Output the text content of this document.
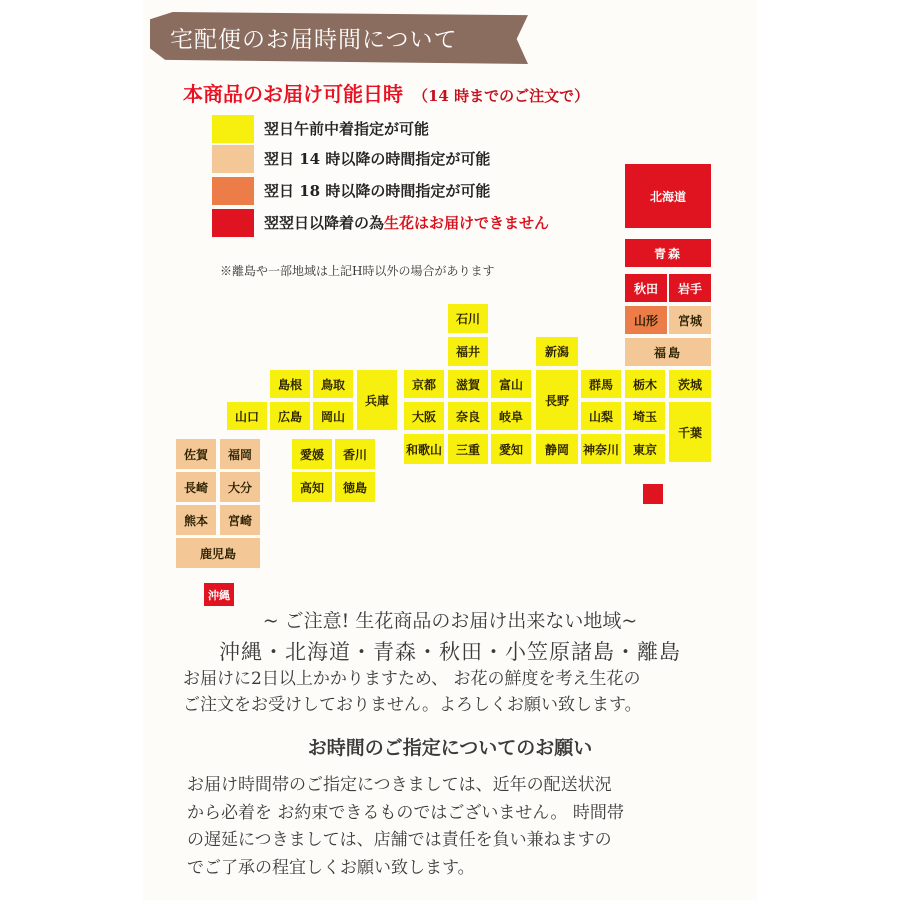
宅配便のお届時間について
本商品のお届け可能日時 （14 時までのご注文で）
翌日午前中着指定が可能
翌日 14 時以降の時間指定が可能
翌日 18 時以降の時間指定が可能
翌翌日以降着の為生花はお届けできません
※離島や一部地域は上記H時以外の場合があります
北海道
青森
秋田	岩手
山形	宮城
福島
石川
福井	新潟
島根	鳥取
兵庫
京都	滋賀	富山
長野
群馬	栃木	茨城
山口	広島	岡山	大阪	奈良	岐阜	山梨	埼玉
千葉
佐賀	福岡	愛媛	香川	和歌山	三重	愛知	静岡	神奈川	東京
長崎	大分	高知	徳島
熊本	宮崎
鹿児島
沖縄
~ ご注意! 生花商品のお届け出来ない地域~
沖縄・北海道・青森・秋田・小笠原諸島・離島
お届けに2日以上かかりますため、 お花の鮮度を考え生花の
ご注文をお受けしておりません。よろしくお願い致します。
お時間のご指定についてのお願い
お届け時間帯のご指定につきましては、近年の配送状況
から必着を お約束できるものではございません。 時間帯
の遅延につきましては、店舗では責任を負い兼ねますの
でご了承の程宜しくお願い致します。
